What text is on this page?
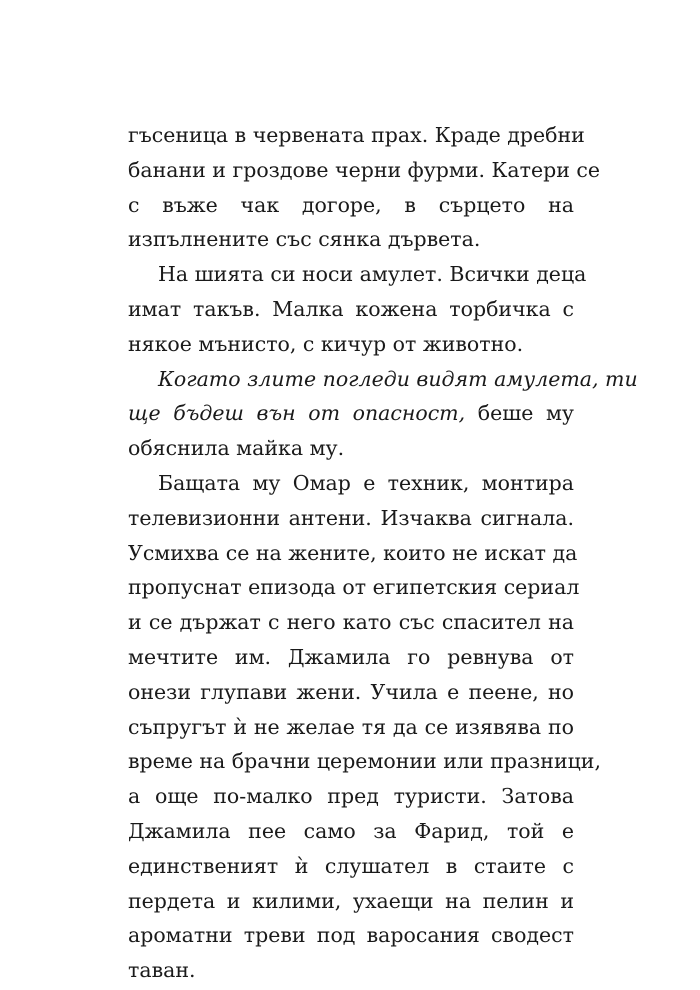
гъсеница в червената прах. Краде дребни
банани и гроздове черни фурми. Катери се
с въже чак догоре, в сърцето на
изпълнените със сянка дървета.
На шията си носи амулет. Всички деца
имат такъв. Малка кожена торбичка с
някое мънисто, с кичур от животно.
Когато злите погледи видят амулета, ти
ще бъдеш вън от опасност, беше му
обяснила майка му.
Бащата му Омар е техник, монтира
телевизионни антени. Изчаква сигнала.
Усмихва се на жените, които не искат да
пропуснат епизода от египетския сериал
и се държат с него като със спасител на
мечтите им. Джамила го ревнува от
онези глупави жени. Учила е пеене, но
съпругът ѝ не желае тя да се изявява по
време на брачни церемонии или празници,
а още по-малко пред туристи. Затова
Джамила пее само за Фарид, той е
единственият ѝ слушател в стаите с
пердета и килими, ухаещи на пелин и
ароматни треви под варосания сводест
таван.
